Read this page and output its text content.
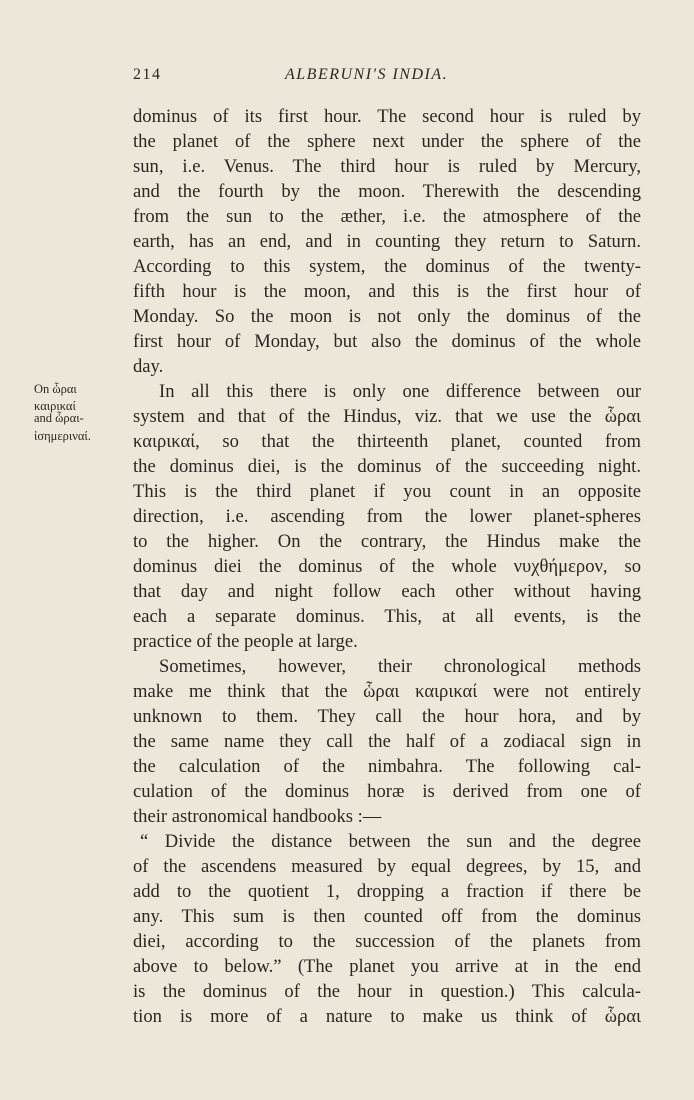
214	ALBERUNI'S INDIA.
On ὧραι
καιρικαί
and ὧραι-
ἰσημεριναί.
dominus of its first hour. The second hour is ruled by
the planet of the sphere next under the sphere of the
sun, i.e. Venus. The third hour is ruled by Mercury,
and the fourth by the moon. Therewith the descending
from the sun to the æther, i.e. the atmosphere of the
earth, has an end, and in counting they return to Saturn.
According to this system, the dominus of the twenty-
fifth hour is the moon, and this is the first hour of
Monday. So the moon is not only the dominus of the
first hour of Monday, but also the dominus of the whole
day.
In all this there is only one difference between our
system and that of the Hindus, viz. that we use the ὧραι
καιρικαί, so that the thirteenth planet, counted from
the dominus diei, is the dominus of the succeeding night.
This is the third planet if you count in an opposite
direction, i.e. ascending from the lower planet-spheres
to the higher. On the contrary, the Hindus make the
dominus diei the dominus of the whole νυχθήμερον, so
that day and night follow each other without having
each a separate dominus. This, at all events, is the
practice of the people at large.
Sometimes, however, their chronological methods
make me think that the ὧραι καιρικαί were not entirely
unknown to them. They call the hour hora, and by
the same name they call the half of a zodiacal sign in
the calculation of the nimbahra. The following cal-
culation of the dominus horæ is derived from one of
their astronomical handbooks :—
“ Divide the distance between the sun and the degree
of the ascendens measured by equal degrees, by 15, and
add to the quotient 1, dropping a fraction if there be
any. This sum is then counted off from the dominus
diei, according to the succession of the planets from
above to below.” (The planet you arrive at in the end
is the dominus of the hour in question.) This calcula-
tion is more of a nature to make us think of ὧραι
